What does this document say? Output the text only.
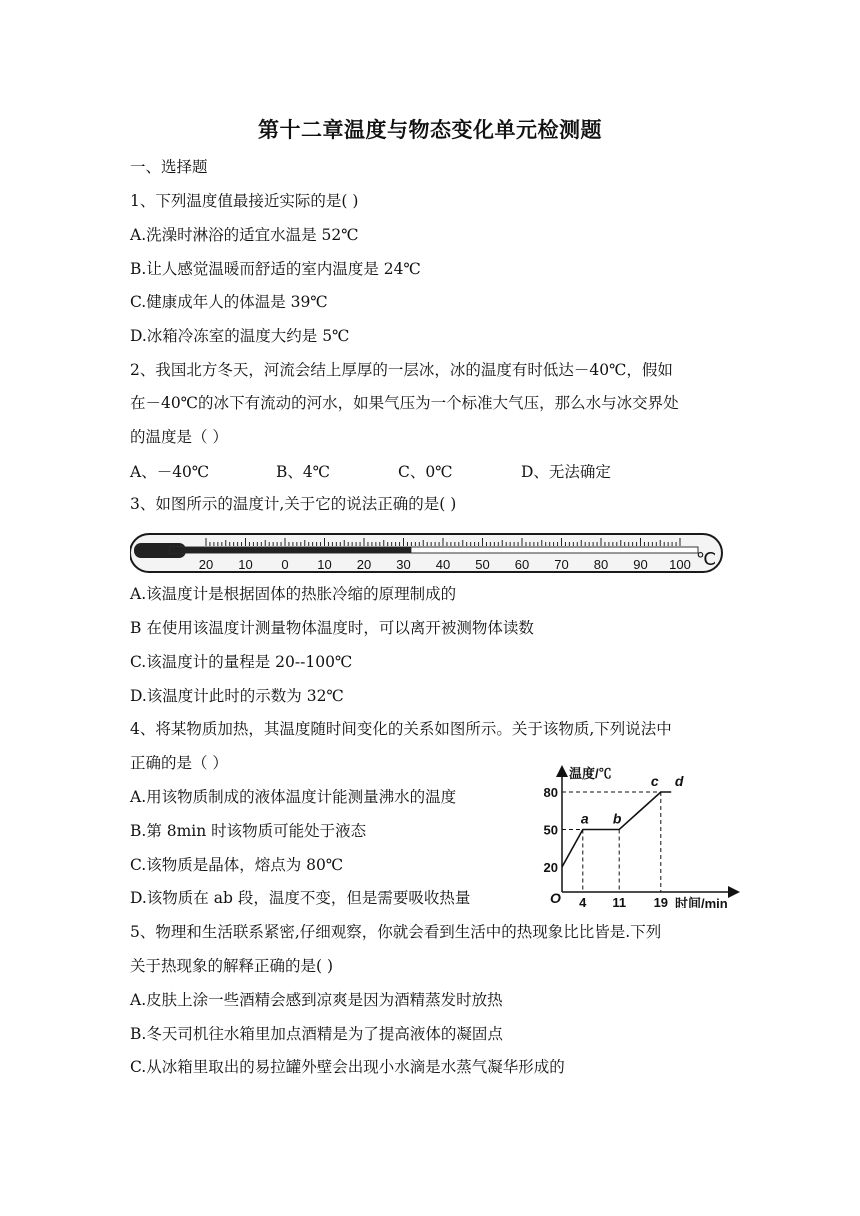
第十二章温度与物态变化单元检测题
一、选择题
1、下列温度值最接近实际的是( )
A.洗澡时淋浴的适宜水温是 52℃
B.让人感觉温暖而舒适的室内温度是 24℃
C.健康成年人的体温是 39℃
D.冰箱冷冻室的温度大约是 5℃
2、我国北方冬天，河流会结上厚厚的一层冰，冰的温度有时低达－40℃，假如
在－40℃的冰下有流动的河水，如果气压为一个标准大气压，那么水与冰交界处
的温度是（ ）
A、－40℃	B、4℃	C、0℃	D、无法确定
3、如图所示的温度计,关于它的说法正确的是( )
20 10 0 10 20 30 40 50 60 70 80 90 100 ℃
A.该温度计是根据固体的热胀冷缩的原理制成的
B 在使用该温度计测量物体温度时，可以离开被测物体读数
C.该温度计的量程是 20--100℃
D.该温度计此时的示数为 32℃
4、将某物质加热，其温度随时间变化的关系如图所示。关于该物质,下列说法中
正确的是（ ）
A.用该物质制成的液体温度计能测量沸水的温度
B.第 8min 时该物质可能处于液态
C.该物质是晶体，熔点为 80℃
D.该物质在 ab 段，温度不变，但是需要吸收热量
温度/℃
时间/min
O
20
50
80
4 11 19
a b
c d
5、物理和生活联系紧密,仔细观察，你就会看到生活中的热现象比比皆是.下列
关于热现象的解释正确的是( )
A.皮肤上涂一些酒精会感到凉爽是因为酒精蒸发时放热
B.冬天司机往水箱里加点酒精是为了提高液体的凝固点
C.从冰箱里取出的易拉罐外壁会出现小水滴是水蒸气凝华形成的
